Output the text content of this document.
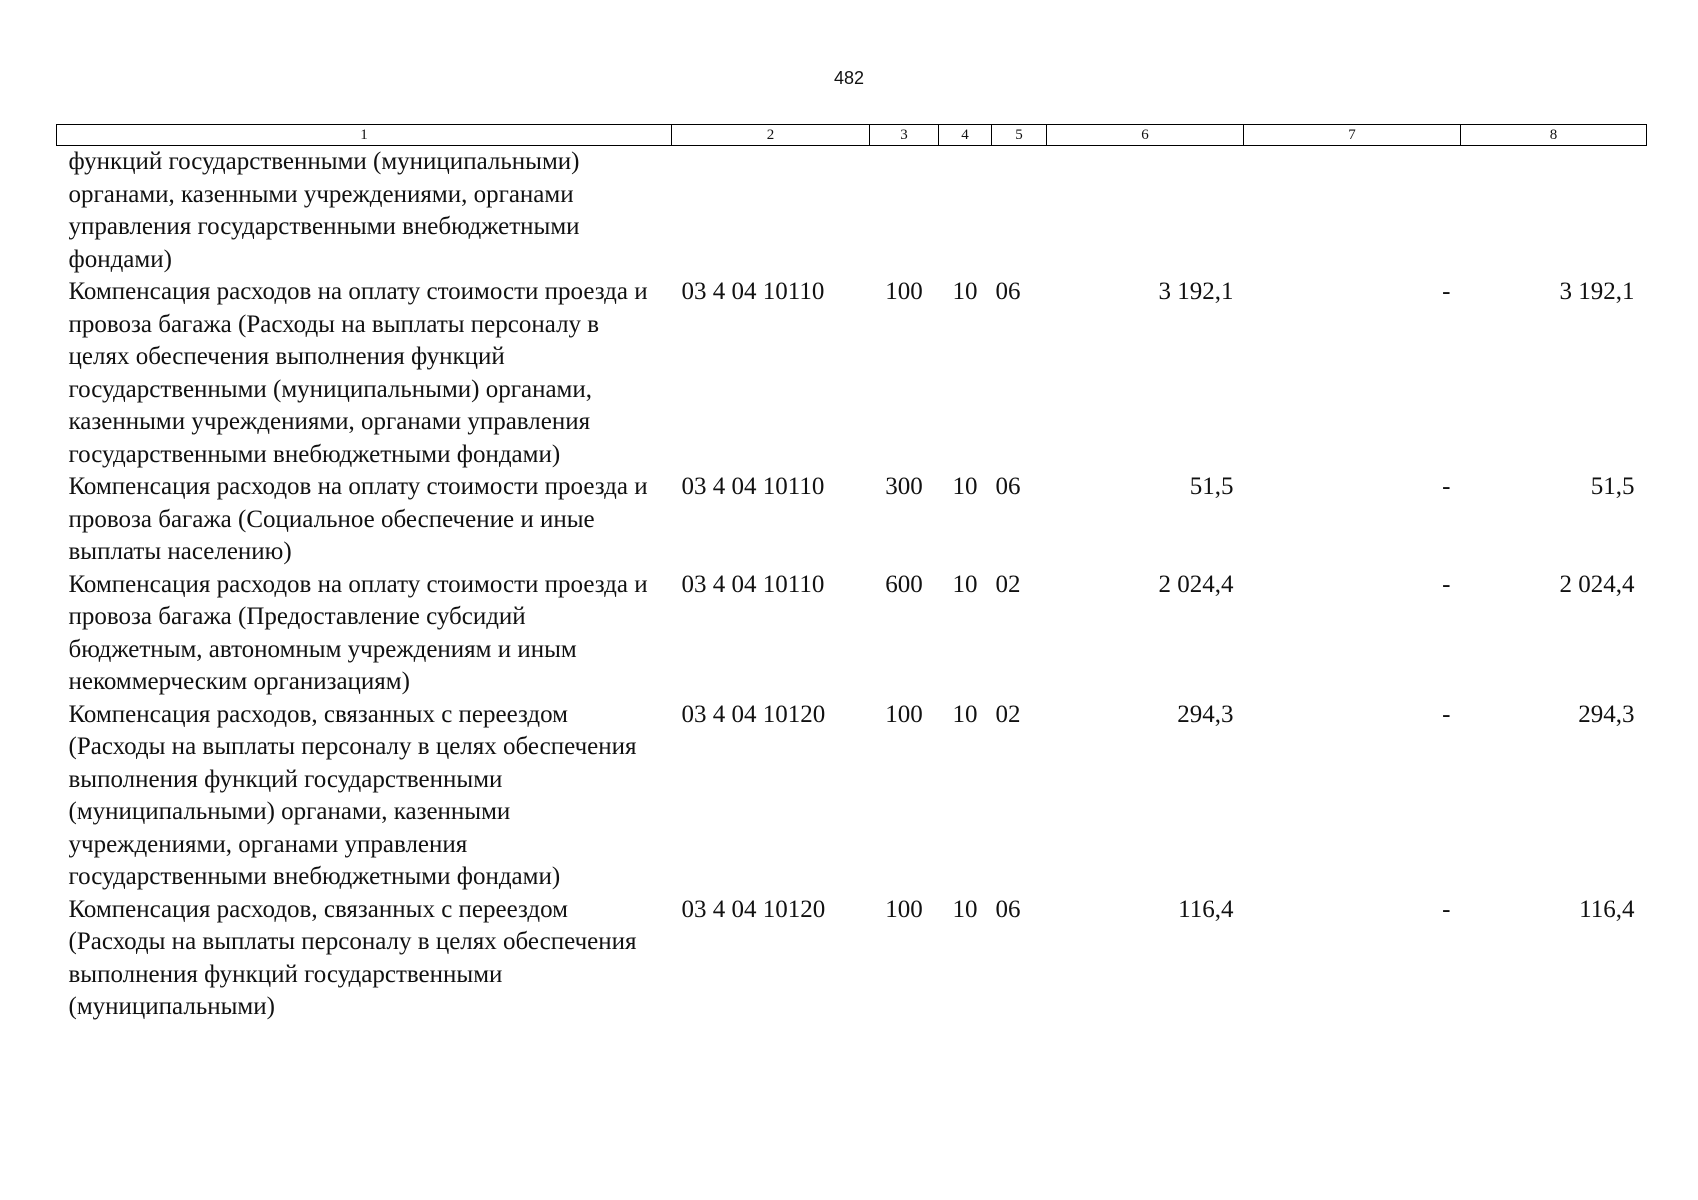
482
1	2	3	4	5	6	7	8
функций государственными (муниципальными) органами, казенными учреждениями, органами управления государственными внебюджетными фондами)							
Компенсация расходов на оплату стоимости проезда и провоза багажа (Расходы на выплаты персоналу в целях обеспечения выполнения функций государственными (муниципальными) органами, казенными учреждениями, органами управления государственными внебюджетными фондами)	03 4 04 10110	100	10	06	3 192,1	-	3 192,1
Компенсация расходов на оплату стоимости проезда и провоза багажа (Социальное обеспечение и иные выплаты населению)	03 4 04 10110	300	10	06	51,5	-	51,5
Компенсация расходов на оплату стоимости проезда и провоза багажа (Предоставление субсидий бюджетным, автономным учреждениям и иным некоммерческим организациям)	03 4 04 10110	600	10	02	2 024,4	-	2 024,4
Компенсация расходов, связанных с переездом (Расходы на выплаты персоналу в целях обеспечения выполнения функций государственными (муниципальными) органами, казенными учреждениями, органами управления государственными внебюджетными фондами)	03 4 04 10120	100	10	02	294,3	-	294,3
Компенсация расходов, связанных с переездом (Расходы на выплаты персоналу в целях обеспечения выполнения функций государственными (муниципальными)	03 4 04 10120	100	10	06	116,4	-	116,4
